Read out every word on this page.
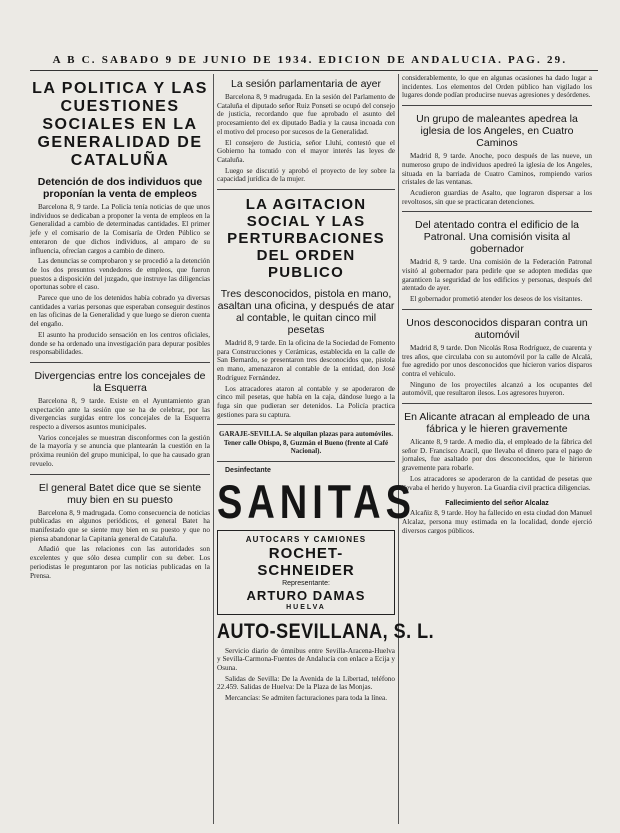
A B C. SABADO 9 DE JUNIO DE 1934. EDICION DE ANDALUCIA. PAG. 29.
LA POLITICA Y LAS CUESTIONES SOCIALES EN LA GENERALIDAD DE CATALUÑA
Detención de dos individuos que proponían la venta de empleos

Barcelona 8, 9 tarde. La Policía tenía noticias de que unos individuos se dedicaban a proponer la venta de empleos en la Generalidad a cambio de determinadas cantidades. El primer jefe y el comisario de la Comisaría de Orden Público se enteraron de que dichos individuos, al amparo de su influencia, ofrecían cargos a cambio de dinero.

Las denuncias se comprobaron y se procedió a la detención de los dos presuntos vendedores de empleos, que fueron puestos a disposición del juzgado, que instruye las diligencias oportunas sobre el caso.

Parece que uno de los detenidos había cobrado ya diversas cantidades a varias personas que esperaban conseguir destinos en las oficinas de la Generalidad y que luego se dieron cuenta del engaño.

El asunto ha producido sensación en los centros oficiales, donde se ha ordenado una investigación para depurar posibles responsabilidades.

Divergencias entre los concejales de la Esquerra

Barcelona 8, 9 tarde. Existe en el Ayuntamiento gran expectación ante la sesión que se ha de celebrar, por las divergencias surgidas entre los concejales de la Esquerra respecto a diversos asuntos municipales.

Varios concejales se muestran disconformes con la gestión de la mayoría y se anuncia que plantearán la cuestión en la próxima reunión del grupo municipal, lo que ha causado gran revuelo.

El general Batet dice que se siente muy bien en su puesto

Barcelona 8, 9 madrugada. Como consecuencia de noticias publicadas en algunos periódicos, el general Batet ha manifestado que se siente muy bien en su puesto y que no piensa abandonar la Capitanía general de Cataluña.

Añadió que las relaciones con las autoridades son excelentes y que sólo desea cumplir con su deber. Los periodistas le preguntaron por las noticias publicadas en la Prensa.

La sesión parlamentaria de ayer

Barcelona 8, 9 madrugada. En la sesión del Parlamento de Cataluña el diputado señor Ruiz Ponseti se ocupó del consejo de justicia, recordando que fue aprobado el asunto del procesamiento del ex diputado Badia y la causa incoada con el motivo del proceso por sucesos de la Generalidad.

El consejero de Justicia, señor Lluhí, contestó que el Gobierno ha tomado con el mayor interés las leyes de Cataluña.

Luego se discutió y aprobó el proyecto de ley sobre la capacidad jurídica de la mujer.

LA AGITACION SOCIAL Y LAS PERTURBACIONES DEL ORDEN PUBLICO
Tres desconocidos, pistola en mano, asaltan una oficina, y después de atar al contable, le quitan cinco mil pesetas

Madrid 8, 9 tarde. En la oficina de la Sociedad de Fomento para Construcciones y Cerámicas, establecida en la calle de San Bernardo, se presentaron tres desconocidos que, pistola en mano, amenazaron al contable de la entidad, don José Rodríguez Fernández.

Los atracadores ataron al contable y se apoderaron de cinco mil pesetas, que había en la caja, dándose luego a la fuga sin que pudieran ser detenidos. La Policía practica gestiones para su captura.

GARAJE-SEVILLA. Se alquilan plazas para automóviles. Tener calle Obispo, 8, Guzmán el Bueno (frente al Café Nacional).

Desinfectante

SANITAS
AUTOCARS Y CAMIONES
ROCHET-SCHNEIDER
Representante:
ARTURO DAMAS
HUELVA
AUTO-SEVILLANA, S. L.

Servicio diario de ómnibus entre Sevilla-Aracena-Huelva y Sevilla-Carmona-Fuentes de Andalucía con enlace a Ecija y Osuna.

Salidas de Sevilla: De la Avenida de la Libertad, teléfono 22.459. Salidas de Huelva: De la Plaza de las Monjas.

Mercancías: Se admiten facturaciones para toda la línea.

considerablemente, lo que en algunas ocasiones ha dado lugar a incidentes. Los elementos del Orden público han vigilado los lugares donde podían producirse nuevas agresiones y desórdenes.

Un grupo de maleantes apedrea la iglesia de los Angeles, en Cuatro Caminos

Madrid 8, 9 tarde. Anoche, poco después de las nueve, un numeroso grupo de individuos apedreó la iglesia de los Angeles, situada en la barriada de Cuatro Caminos, rompiendo varios cristales de las ventanas.

Acudieron guardias de Asalto, que lograron dispersar a los revoltosos, sin que se practicaran detenciones.

Del atentado contra el edificio de la Patronal. Una comisión visita al gobernador

Madrid 8, 9 tarde. Una comisión de la Federación Patronal visitó al gobernador para pedirle que se adopten medidas que garanticen la seguridad de los edificios y personas, después del atentado de ayer.

El gobernador prometió atender los deseos de los visitantes.

Unos desconocidos disparan contra un automóvil

Madrid 8, 9 tarde. Don Nicolás Rosa Rodríguez, de cuarenta y tres años, que circulaba con su automóvil por la calle de Alcalá, fue agredido por unos desconocidos que hicieron varios disparos contra el vehículo.

Ninguno de los proyectiles alcanzó a los ocupantes del automóvil, que resultaron ilesos. Los agresores huyeron.

En Alicante atracan al empleado de una fábrica y le hieren gravemente

Alicante 8, 9 tarde. A medio día, el empleado de la fábrica del señor D. Francisco Aracil, que llevaba el dinero para el pago de jornales, fue asaltado por dos desconocidos, que le hirieron gravemente para robarle.

Los atracadores se apoderaron de la cantidad de pesetas que llevaba el herido y huyeron. La Guardia civil practica diligencias.

Fallecimiento del señor Alcalaz

Alcañiz 8, 9 tarde. Hoy ha fallecido en esta ciudad don Manuel Alcalaz, persona muy estimada en la localidad, donde ejerció diversos cargos públicos.
